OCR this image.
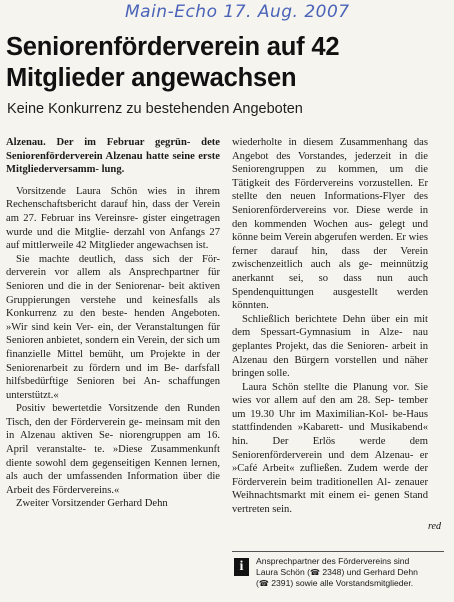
Main-Echo 17. Aug. 2007
Seniorenförderverein auf 42 Mitglieder angewachsen
Keine Konkurrenz zu bestehenden Angeboten

Alzenau. Der im Februar gegrün- dete Seniorenförderverein Alzenau hatte seine erste Mitgliederversamm- lung.

Vorsitzende Laura Schön wies in ihrem Rechenschaftsbericht darauf hin, dass der Verein am 27. Februar ins Vereinsre- gister eingetragen wurde und die Mitglie- derzahl von Anfangs 27 auf mittlerweile 42 Mitglieder angewachsen ist.

Sie machte deutlich, dass sich der För- derverein vor allem als Ansprechpartner für Senioren und die in der Seniorenar- beit aktiven Gruppierungen verstehe und keinesfalls als Konkurrenz zu den beste- henden Angeboten. »Wir sind kein Ver- ein, der Veranstaltungen für Senioren anbietet, sondern ein Verein, der sich um finanzielle Mittel bemüht, um Projekte in der Seniorenarbeit zu fördern und im Be- darfsfall hilfsbedürftige Senioren bei An- schaffungen unterstützt.«

Positiv bewertetdie Vorsitzende den Runden Tisch, den der Förderverein ge- meinsam mit den in Alzenau aktiven Se- niorengruppen am 16. April veranstalte- te. »Diese Zusammenkunft diente sowohl dem gegenseitigen Kennen lernen, als auch der umfassenden Information über die Arbeit des Fördervereins.«

Zweiter Vorsitzender Gerhard Dehn

wiederholte in diesem Zusammenhang das Angebot des Vorstandes, jederzeit in die Seniorengruppen zu kommen, um die Tätigkeit des Fördervereins vorzustellen. Er stellte den neuen Informations-Flyer des Seniorenfördervereins vor. Diese werde in den kommenden Wochen aus- gelegt und könne beim Verein abgerufen werden. Er wies ferner darauf hin, dass der Verein zwischenzeitlich auch als ge- meinnützig anerkannt sei, so dass nun auch Spendenquittungen ausgestellt werden könnten.

Schließlich berichtete Dehn über ein mit dem Spessart-Gymnasium in Alze- nau geplantes Projekt, das die Senioren- arbeit in Alzenau den Bürgern vorstellen und näher bringen solle.

Laura Schön stellte die Planung vor. Sie wies vor allem auf den am 28. Sep- tember um 19.30 Uhr im Maximilian-Kol- be-Haus stattfindenden »Kabarett- und Musikabend« hin. Der Erlös werde dem Seniorenförderverein und dem Alzenau- er »Café Arbeit« zufließen. Zudem werde der Förderverein beim traditionellen Al- zenauer Weihnachtsmarkt mit einem ei- genen Stand vertreten sein.

red
i	Ansprechpartner des Fördervereins sind
Laura Schön (☎ 2348) und Gerhard Dehn
(☎ 2391) sowie alle Vorstandsmitglieder.
